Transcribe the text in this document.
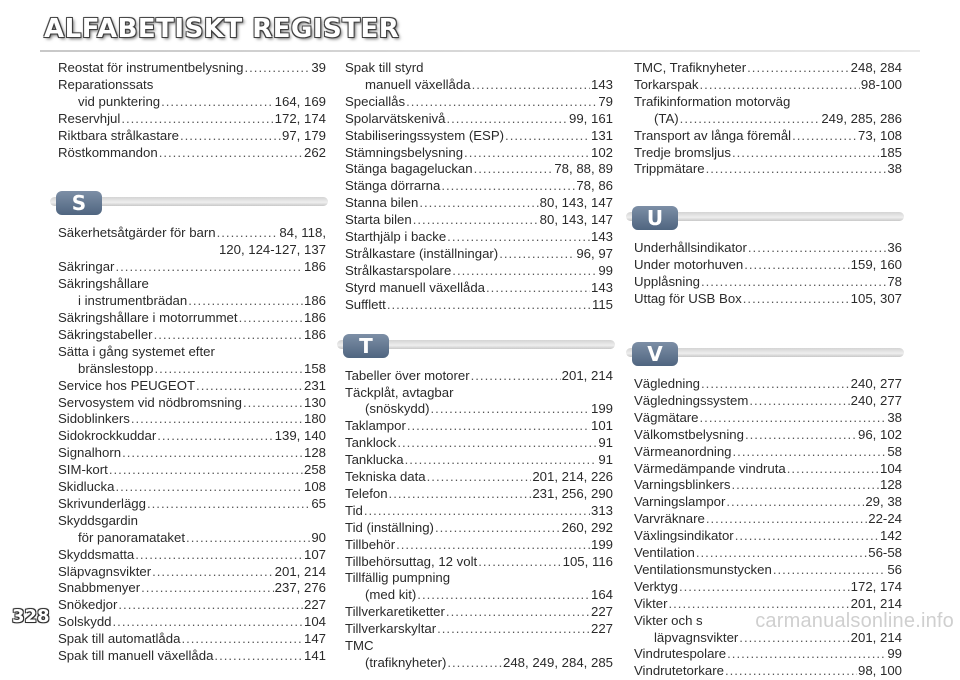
ALFABETISKT REGISTER
Reostat för instrumentbelysning .....	39
Reparationssats
vid punktering .....	164, 169
Reservhjul .....	172, 174
Riktbara strålkastare .....	97, 179
Röstkommandon .....	262
S
Säkerhetsåtgärder för barn .....	84, 118,
120, 124-127, 137
Säkringar .....	186
Säkringshållare
i instrumentbrädan .....	186
Säkringshållare i motorrummet .....	186
Säkringstabeller .....	186
Sätta i gång systemet efter
bränslestopp .....	158
Service hos PEUGEOT .....	231
Servosystem vid nödbromsning .....	130
Sidoblinkers .....	180
Sidokrockkuddar .....	139, 140
Signalhorn .....	128
SIM-kort .....	258
Skidlucka .....	108
Skrivunderlägg .....	65
Skyddsgardin
för panoramataket .....	90
Skyddsmatta .....	107
Släpvagnsvikter .....	201, 214
Snabbmenyer .....	237, 276
Snökedjor .....	227
Solskydd .....	104
Spak till automatlåda .....	147
Spak till manuell växellåda .....	141
Spak till styrd
manuell växellåda .....	143
Speciallås .....	79
Spolarvätskenivå .....	99, 161
Stabiliseringssystem (ESP) .....	131
Stämningsbelysning .....	102
Stänga bagageluckan .....	78, 88, 89
Stänga dörrarna .....	78, 86
Stanna bilen .....	80, 143, 147
Starta bilen .....	80, 143, 147
Starthjälp i backe .....	143
Strålkastare (inställningar) .....	96, 97
Strålkastarspolare .....	99
Styrd manuell växellåda .....	143
Sufflett .....	115
T
Tabeller över motorer .....	201, 214
Täckplåt, avtagbar
(snöskydd) .....	199
Taklampor .....	101
Tanklock .....	91
Tanklucka .....	91
Tekniska data .....	201, 214, 226
Telefon .....	231, 256, 290
Tid .....	313
Tid (inställning) .....	260, 292
Tillbehör .....	199
Tillbehörsuttag, 12 volt .....	105, 116
Tillfällig pumpning
(med kit) .....	164
Tillverkaretiketter .....	227
Tillverkarskyltar .....	227
TMC
(trafiknyheter) .....	248, 249, 284, 285
TMC, Trafiknyheter .....	248, 284
Torkarspak .....	98-100
Trafikinformation motorväg
(TA) .....	249, 285, 286
Transport av långa föremål .....	73, 108
Tredje bromsljus .....	185
Trippmätare .....	38
U
Underhållsindikator .....	36
Under motorhuven .....	159, 160
Upplåsning .....	78
Uttag för USB Box .....	105, 307
V
Vägledning .....	240, 277
Vägledningssystem .....	240, 277
Vägmätare .....	38
Välkomstbelysning .....	96, 102
Värmeanordning .....	58
Värmedämpande vindruta .....	104
Varningsblinkers .....	128
Varningslampor .....	29, 38
Varvräknare .....	22-24
Växlingsindikator .....	142
Ventilation .....	56-58
Ventilationsmunstycken .....	56
Verktyg .....	172, 174
Vikter .....	201, 214
Vikter och s
läpvagnsvikter .....	201, 214
Vindrutespolare .....	99
Vindrutetorkare .....	98, 100
328	carmanualsonline.info
